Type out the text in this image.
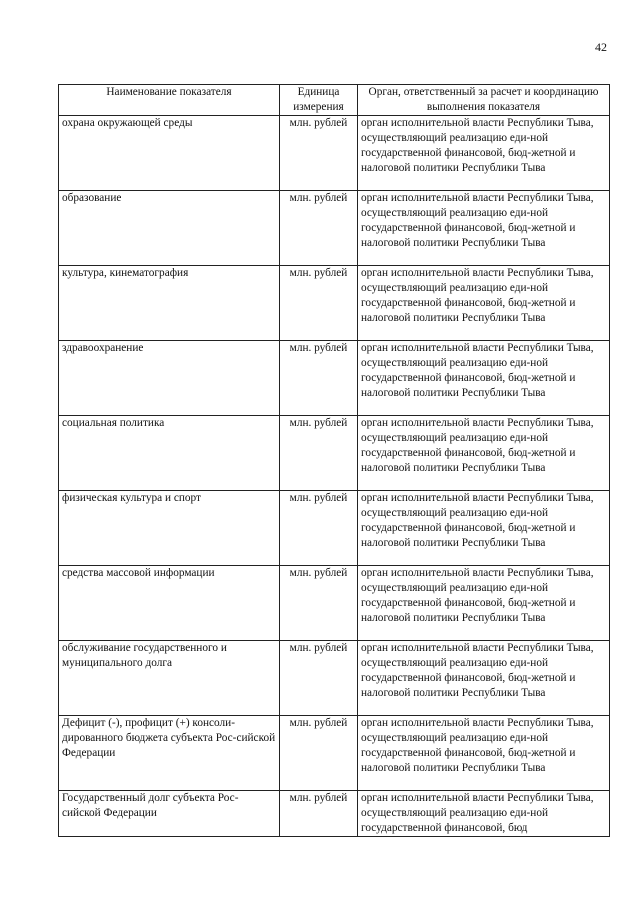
42
Наименование показателя	Единица измерения	Орган, ответственный за расчет и координацию выполнения показателя
охрана окружающей среды	млн. рублей	орган исполнительной власти Республики Тыва, осуществляющий реализацию еди-ной государственной финансовой, бюд-жетной и налоговой политики Республики Тыва
образование	млн. рублей	орган исполнительной власти Республики Тыва, осуществляющий реализацию еди-ной государственной финансовой, бюд-жетной и налоговой политики Республики Тыва
культура, кинематография	млн. рублей	орган исполнительной власти Республики Тыва, осуществляющий реализацию еди-ной государственной финансовой, бюд-жетной и налоговой политики Республики Тыва
здравоохранение	млн. рублей	орган исполнительной власти Республики Тыва, осуществляющий реализацию еди-ной государственной финансовой, бюд-жетной и налоговой политики Республики Тыва
социальная политика	млн. рублей	орган исполнительной власти Республики Тыва, осуществляющий реализацию еди-ной государственной финансовой, бюд-жетной и налоговой политики Республики Тыва
физическая культура и спорт	млн. рублей	орган исполнительной власти Республики Тыва, осуществляющий реализацию еди-ной государственной финансовой, бюд-жетной и налоговой политики Республики Тыва
средства массовой информации	млн. рублей	орган исполнительной власти Республики Тыва, осуществляющий реализацию еди-ной государственной финансовой, бюд-жетной и налоговой политики Республики Тыва
обслуживание государственного и муниципального долга	млн. рублей	орган исполнительной власти Республики Тыва, осуществляющий реализацию еди-ной государственной финансовой, бюд-жетной и налоговой политики Республики Тыва
Дефицит (-), профицит (+) консоли-дированного бюджета субъекта Рос-сийской Федерации	млн. рублей	орган исполнительной власти Республики Тыва, осуществляющий реализацию еди-ной государственной финансовой, бюд-жетной и налоговой политики Республики Тыва
Государственный долг субъекта Рос-сийской Федерации	млн. рублей	орган исполнительной власти Республики Тыва, осуществляющий реализацию еди-ной государственной финансовой, бюд
